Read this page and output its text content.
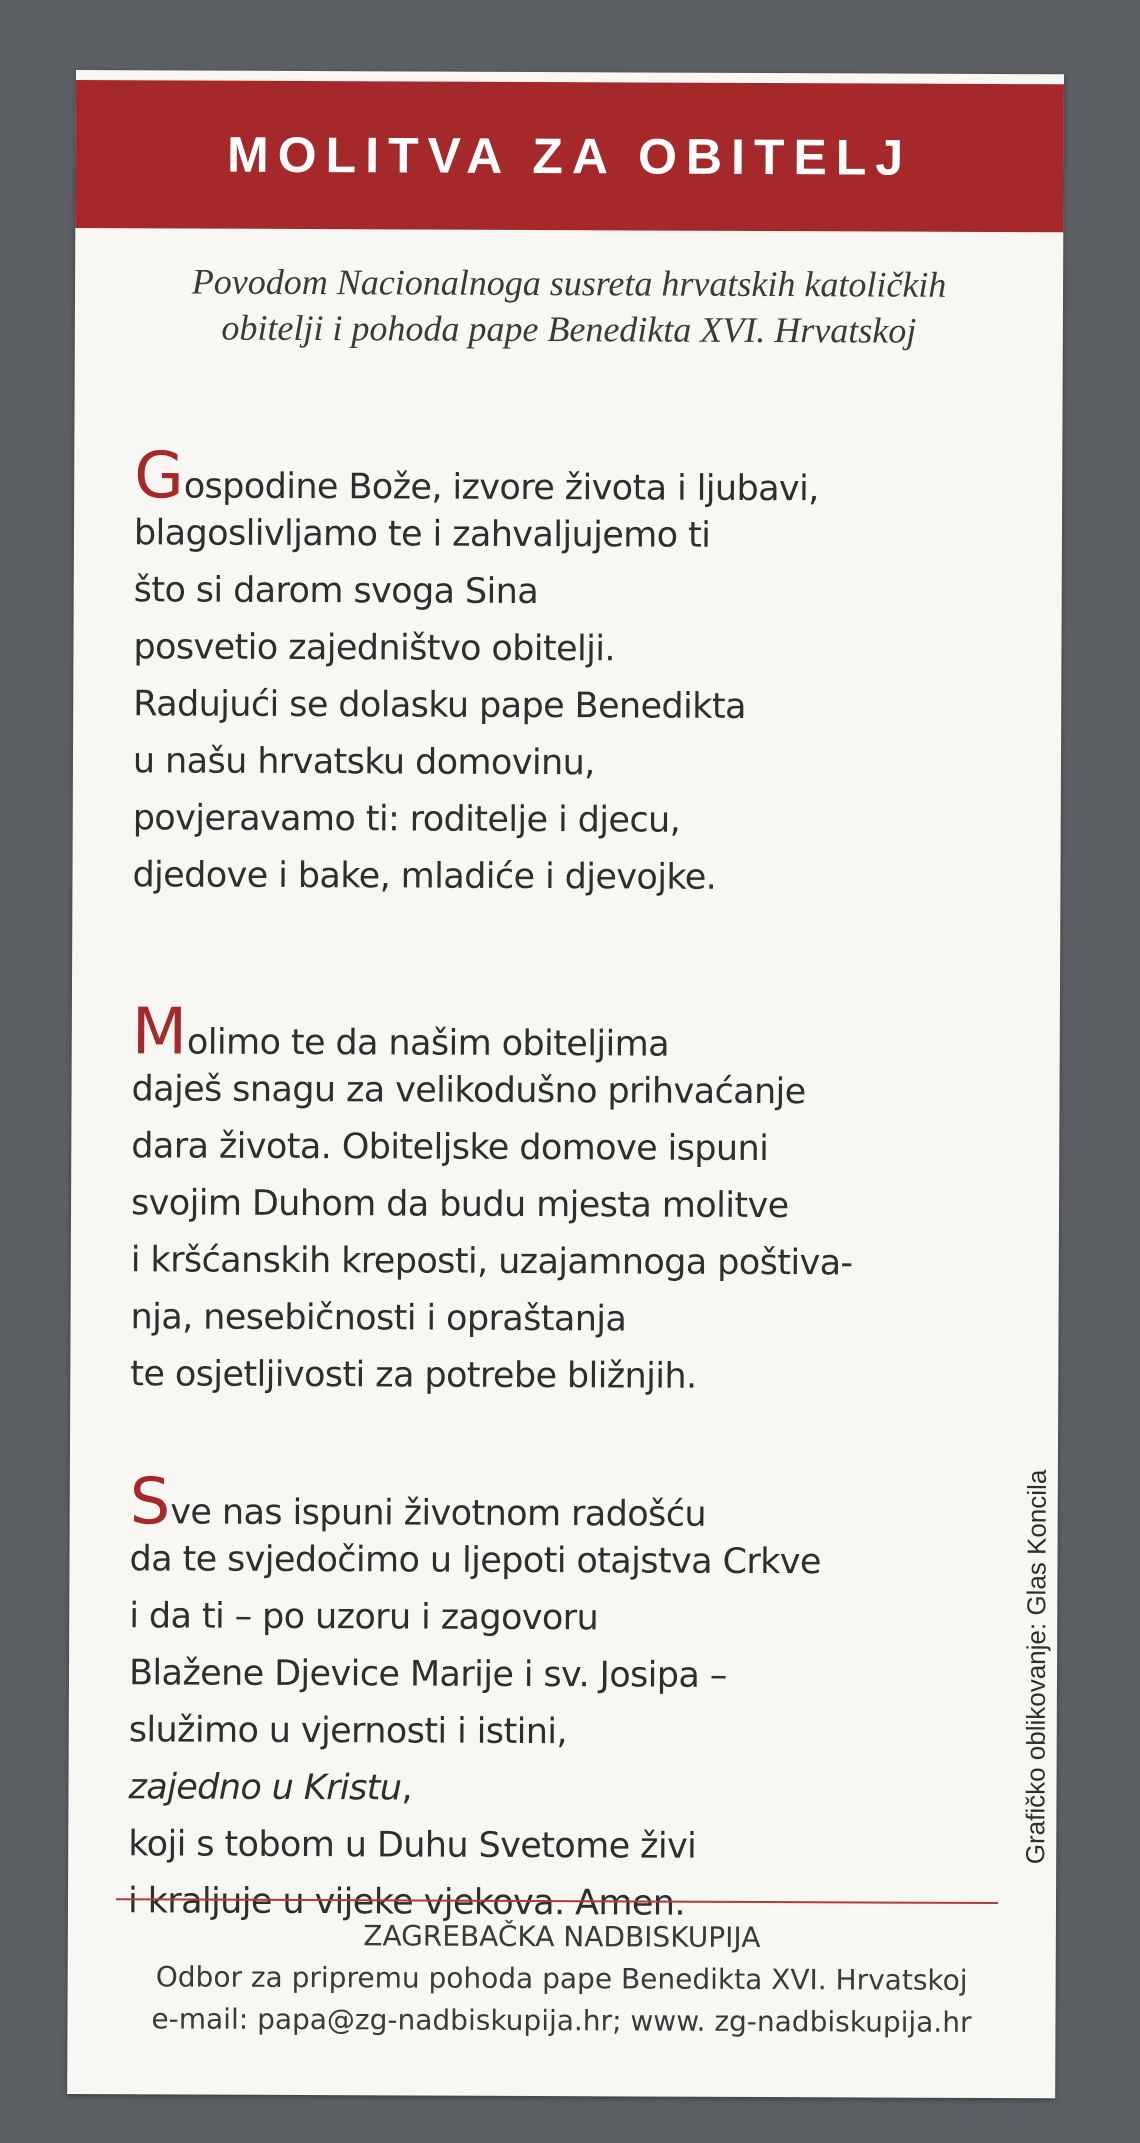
MOLITVA ZA OBITELJ
Povodom Nacionalnoga susreta hrvatskih katoličkih
obitelji i pohoda pape Benedikta XVI. Hrvatskoj
Gospodine Bože, izvore života i ljubavi,
blagoslivljamo te i zahvaljujemo ti
što si darom svoga Sina
posvetio zajedništvo obitelji.
Radujući se dolasku pape Benedikta
u našu hrvatsku domovinu,
povjeravamo ti: roditelje i djecu,
djedove i bake, mladiće i djevojke.
Molimo te da našim obiteljima
daješ snagu za velikodušno prihvaćanje
dara života. Obiteljske domove ispuni
svojim Duhom da budu mjesta molitve
i kršćanskih kreposti, uzajamnoga poštiva-
nja, nesebičnosti i opraštanja
te osjetljivosti za potrebe bližnjih.
Sve nas ispuni životnom radošću
da te svjedočimo u ljepoti otajstva Crkve
i da ti – po uzoru i zagovoru
Blažene Djevice Marije i sv. Josipa –
služimo u vjernosti i istini,
zajedno u Kristu,
koji s tobom u Duhu Svetome živi
i kraljuje u vijeke vjekova. Amen.
Grafičko oblikovanje: Glas Koncila
ZAGREBAČKA NADBISKUPIJA
Odbor za pripremu pohoda pape Benedikta XVI. Hrvatskoj
e-mail: papa@zg-nadbiskupija.hr; www. zg-nadbiskupija.hr
